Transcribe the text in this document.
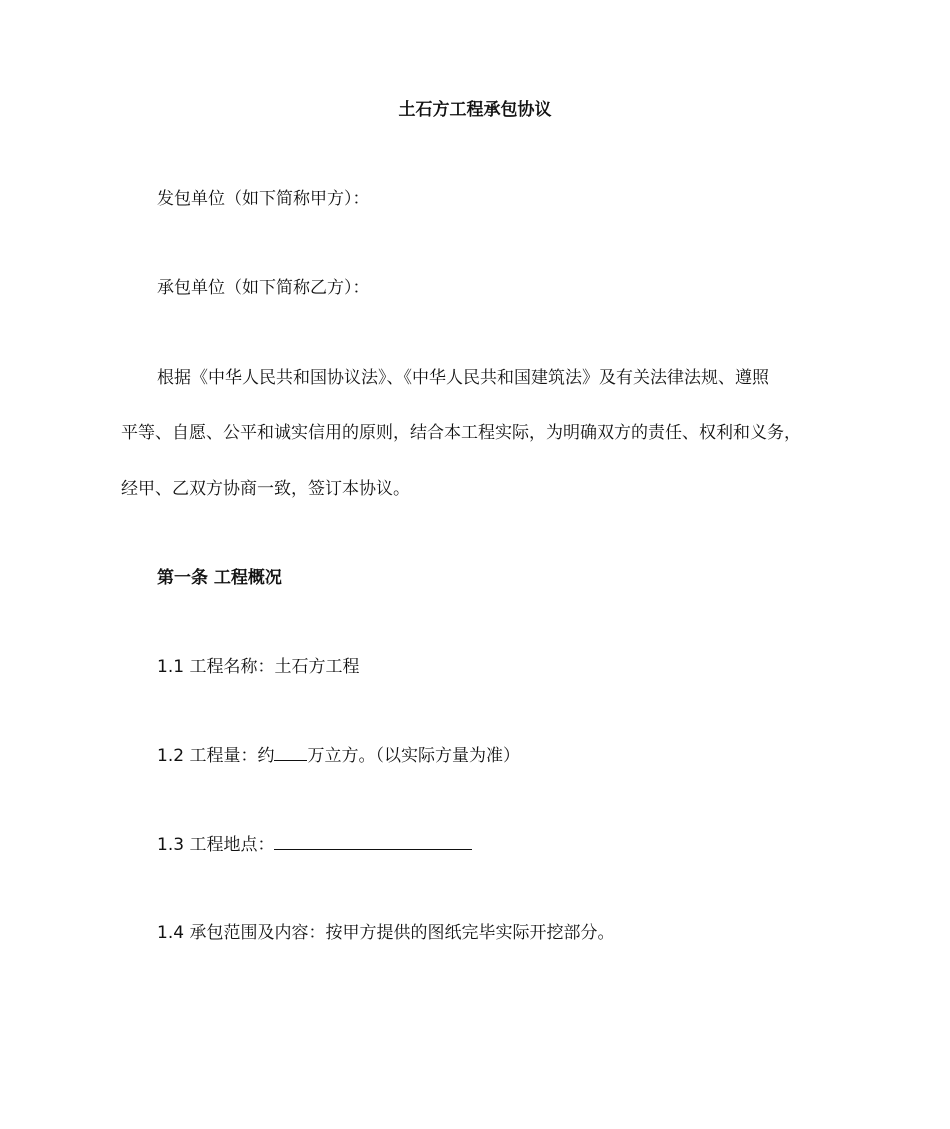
土石方工程承包协议
发包单位（如下简称甲方）：
承包单位（如下简称乙方）：
根据《中华人民共和国协议法》、《中华人民共和国建筑法》及有关法律法规、遵照
平等、自愿、公平和诚实信用的原则，结合本工程实际，为明确双方的责任、权利和义务，
经甲、乙双方协商一致，签订本协议。
第一条 工程概况
1.1 工程名称：土石方工程
1.2 工程量：约 万立方。（以实际方量为准）
1.3 工程地点：
1.4 承包范围及内容：按甲方提供的图纸完毕实际开挖部分。
